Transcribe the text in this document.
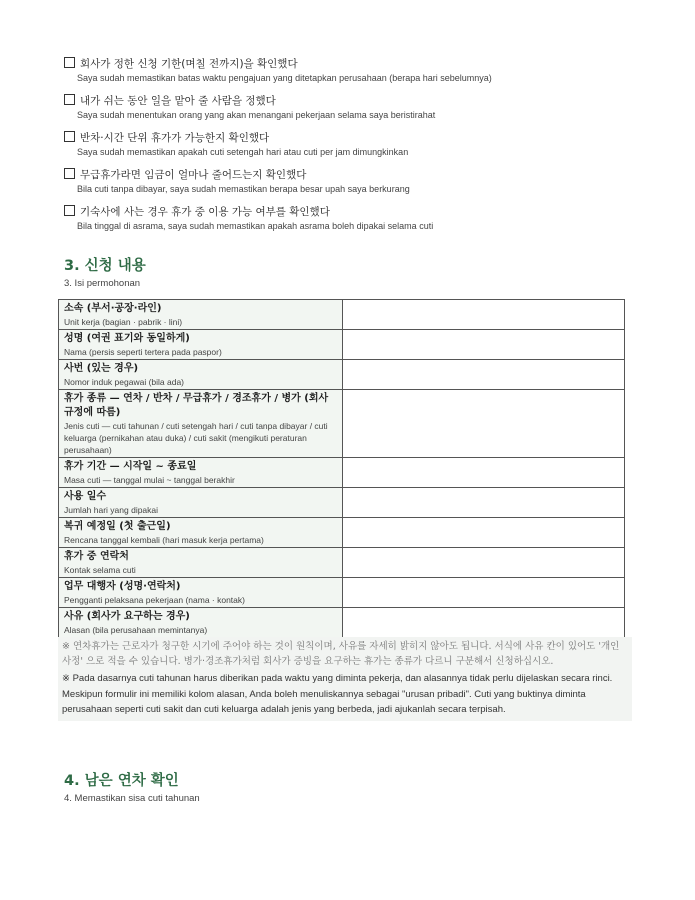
회사가 정한 신청 기한(며칠 전까지)을 확인했다
Saya sudah memastikan batas waktu pengajuan yang ditetapkan perusahaan (berapa hari sebelumnya)
내가 쉬는 동안 일을 맡아 줄 사람을 정했다
Saya sudah menentukan orang yang akan menangani pekerjaan selama saya beristirahat
반차·시간 단위 휴가가 가능한지 확인했다
Saya sudah memastikan apakah cuti setengah hari atau cuti per jam dimungkinkan
무급휴가라면 임금이 얼마나 줄어드는지 확인했다
Bila cuti tanpa dibayar, saya sudah memastikan berapa besar upah saya berkurang
기숙사에 사는 경우 휴가 중 이용 가능 여부를 확인했다
Bila tinggal di asrama, saya sudah memastikan apakah asrama boleh dipakai selama cuti
3. 신청 내용
3. Isi permohonan
소속 (부서·공장·라인)
Unit kerja (bagian · pabrik · lini)	

성명 (여권 표기와 동일하게)
Nama (persis seperti tertera pada paspor)	

사번 (있는 경우)
Nomor induk pegawai (bila ada)	

휴가 종류 — 연차 / 반차 / 무급휴가 / 경조휴가 / 병가 (회사 규정에 따름)
Jenis cuti — cuti tahunan / cuti setengah hari / cuti tanpa dibayar / cuti keluarga (pernikahan atau duka) / cuti sakit (mengikuti peraturan perusahaan)	

휴가 기간 — 시작일 ~ 종료일
Masa cuti — tanggal mulai ~ tanggal berakhir	

사용 일수
Jumlah hari yang dipakai	

복귀 예정일 (첫 출근일)
Rencana tanggal kembali (hari masuk kerja pertama)	

휴가 중 연락처
Kontak selama cuti	

업무 대행자 (성명·연락처)
Pengganti pelaksana pekerjaan (nama · kontak)	

사유 (회사가 요구하는 경우)
Alasan (bila perusahaan memintanya)	

※ 연차휴가는 근로자가 청구한 시기에 주어야 하는 것이 원칙이며, 사유를 자세히 밝히지 않아도 됩니다. 서식에 사유 칸이 있어도 '개인 사정' 으로 적을 수 있습니다. 병가·경조휴가처럼 회사가 증빙을 요구하는 휴가는 종류가 다르니 구분해서 신청하십시오.
※ Pada dasarnya cuti tahunan harus diberikan pada waktu yang diminta pekerja, dan alasannya tidak perlu dijelaskan secara rinci. Meskipun formulir ini memiliki kolom alasan, Anda boleh menuliskannya sebagai "urusan pribadi". Cuti yang buktinya diminta perusahaan seperti cuti sakit dan cuti keluarga adalah jenis yang berbeda, jadi ajukanlah secara terpisah.
4. 남은 연차 확인
4. Memastikan sisa cuti tahunan
